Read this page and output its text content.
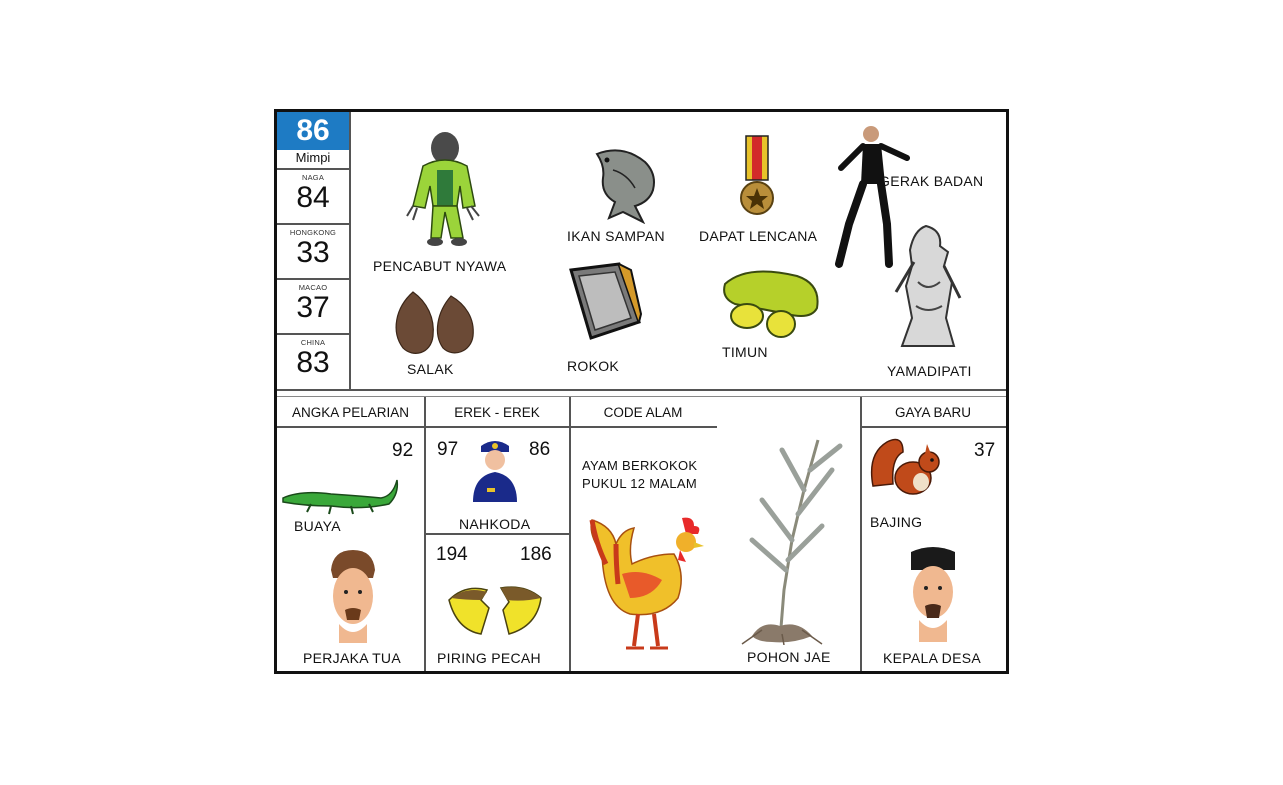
86
Mimpi
NAGA
84
HONGKONG
33
MACAO
37
CHINA
83
PENCABUT NYAWA
SALAK
IKAN SAMPAN
ROKOK
DAPAT LENCANA
TIMUN
GERAK BADAN
YAMADIPATI
ANGKA PELARIAN
92
BUAYA
PERJAKA TUA
EREK - EREK
97	86
NAHKODA
194	186
PIRING PECAH
CODE ALAM
AYAM BERKOKOK
PUKUL 12 MALAM
POHON JAE
GAYA BARU
37
BAJING
KEPALA DESA
